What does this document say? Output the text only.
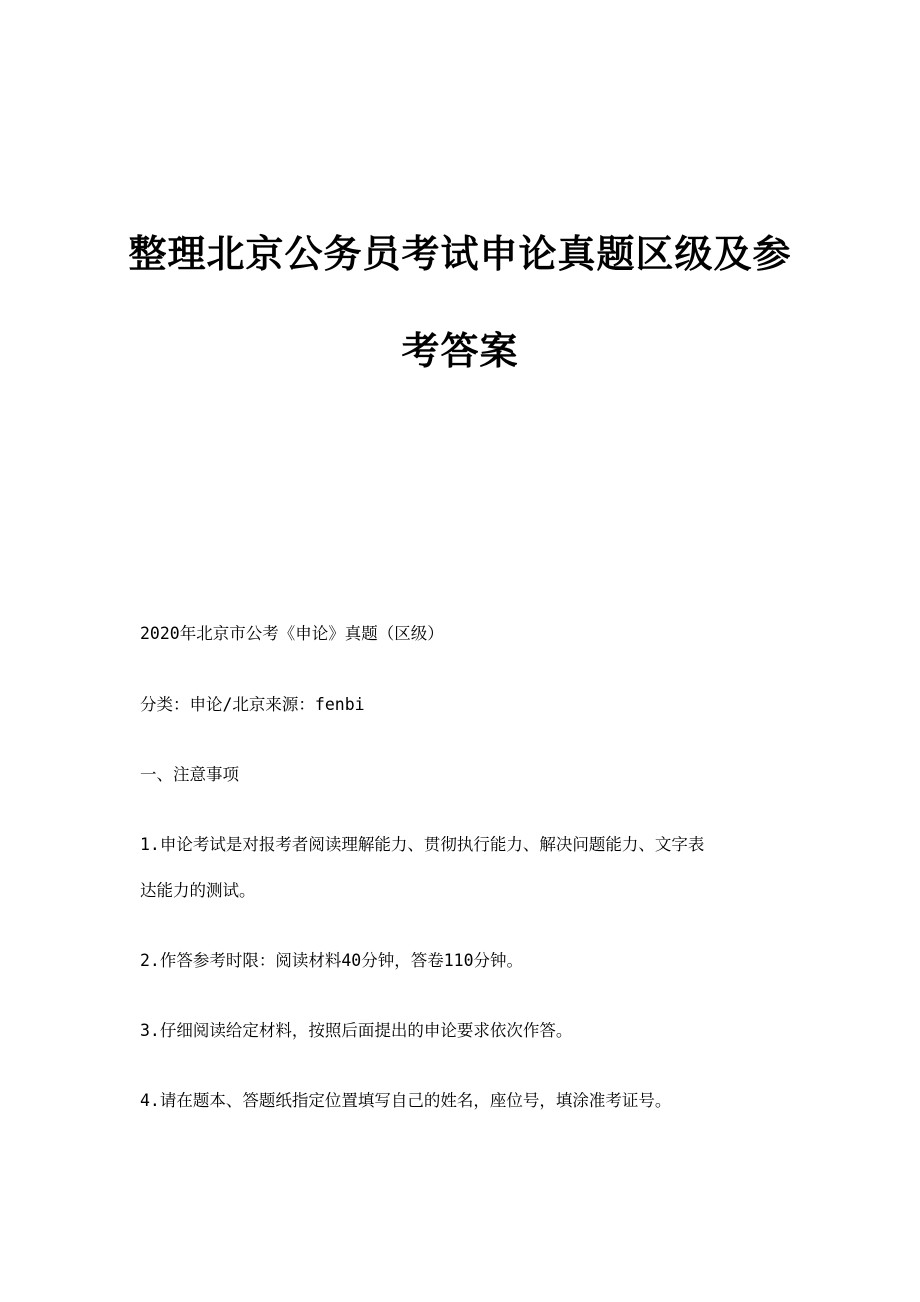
整理北京公务员考试申论真题区级及参
考答案

2020年北京市公考《申论》真题（区级）

分类：申论/北京来源：fenbi

一、注意事项

1.申论考试是对报考者阅读理解能力、贯彻执行能力、解决问题能力、文字表

达能力的测试。

2.作答参考时限：阅读材料40分钟，答卷110分钟。

3.仔细阅读给定材料，按照后面提出的申论要求依次作答。

4.请在题本、答题纸指定位置填写自己的姓名，座位号，填涂准考证号。
